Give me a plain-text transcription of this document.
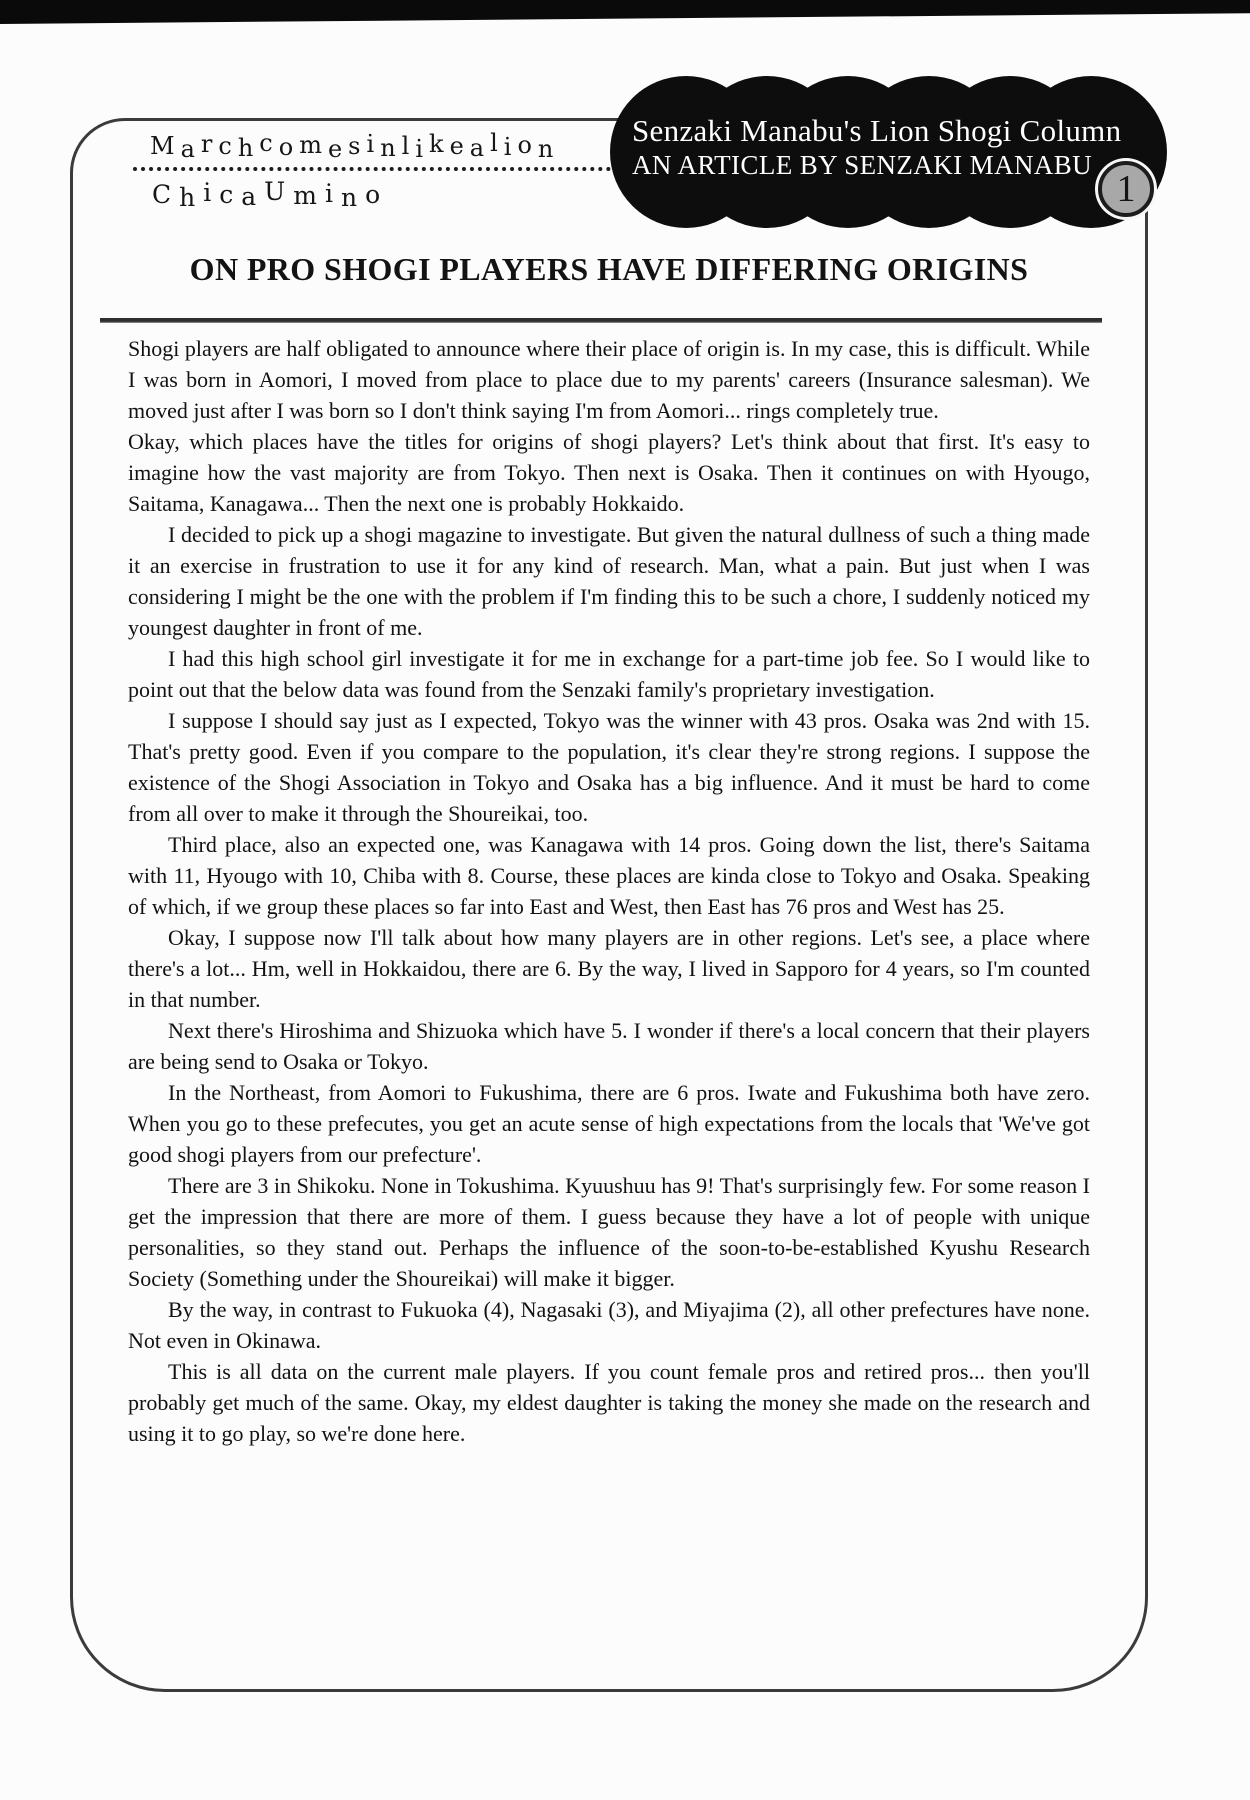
Marchcomesinlikealion
ChicaUmino
Senzaki Manabu's Lion Shogi Column
AN ARTICLE BY SENZAKI MANABU
1
ON PRO SHOGI PLAYERS HAVE DIFFERING ORIGINS

Shogi players are half obligated to announce where their place of origin is. In my case, this is difficult. While I was born in Aomori, I moved from place to place due to my parents' careers (Insurance salesman). We moved just after I was born so I don't think saying I'm from Aomori... rings completely true.

Okay, which places have the titles for origins of shogi players? Let's think about that first. It's easy to imagine how the vast majority are from Tokyo. Then next is Osaka. Then it continues on with Hyougo, Saitama, Kanagawa... Then the next one is probably Hokkaido.

I decided to pick up a shogi magazine to investigate. But given the natural dullness of such a thing made it an exercise in frustration to use it for any kind of research. Man, what a pain. But just when I was considering I might be the one with the problem if I'm finding this to be such a chore, I suddenly noticed my youngest daughter in front of me.

I had this high school girl investigate it for me in exchange for a part-time job fee. So I would like to point out that the below data was found from the Senzaki family's proprietary investigation.

I suppose I should say just as I expected, Tokyo was the winner with 43 pros. Osaka was 2nd with 15. That's pretty good. Even if you compare to the population, it's clear they're strong regions. I suppose the existence of the Shogi Association in Tokyo and Osaka has a big influence. And it must be hard to come from all over to make it through the Shoureikai, too.

Third place, also an expected one, was Kanagawa with 14 pros. Going down the list, there's Saitama with 11, Hyougo with 10, Chiba with 8. Course, these places are kinda close to Tokyo and Osaka. Speaking of which, if we group these places so far into East and West, then East has 76 pros and West has 25.

Okay, I suppose now I'll talk about how many players are in other regions. Let's see, a place where there's a lot... Hm, well in Hokkaidou, there are 6. By the way, I lived in Sapporo for 4 years, so I'm counted in that number.

Next there's Hiroshima and Shizuoka which have 5. I wonder if there's a local concern that their players are being send to Osaka or Tokyo.

In the Northeast, from Aomori to Fukushima, there are 6 pros. Iwate and Fukushima both have zero. When you go to these prefecutes, you get an acute sense of high expectations from the locals that 'We've got good shogi players from our prefecture'.

There are 3 in Shikoku. None in Tokushima. Kyuushuu has 9! That's surprisingly few. For some reason I get the impression that there are more of them. I guess because they have a lot of people with unique personalities, so they stand out. Perhaps the influence of the soon-to-be-established Kyushu Research Society (Something under the Shoureikai) will make it bigger.

By the way, in contrast to Fukuoka (4), Nagasaki (3), and Miyajima (2), all other prefectures have none. Not even in Okinawa.

This is all data on the current male players. If you count female pros and retired pros... then you'll probably get much of the same. Okay, my eldest daughter is taking the money she made on the research and using it to go play, so we're done here.
